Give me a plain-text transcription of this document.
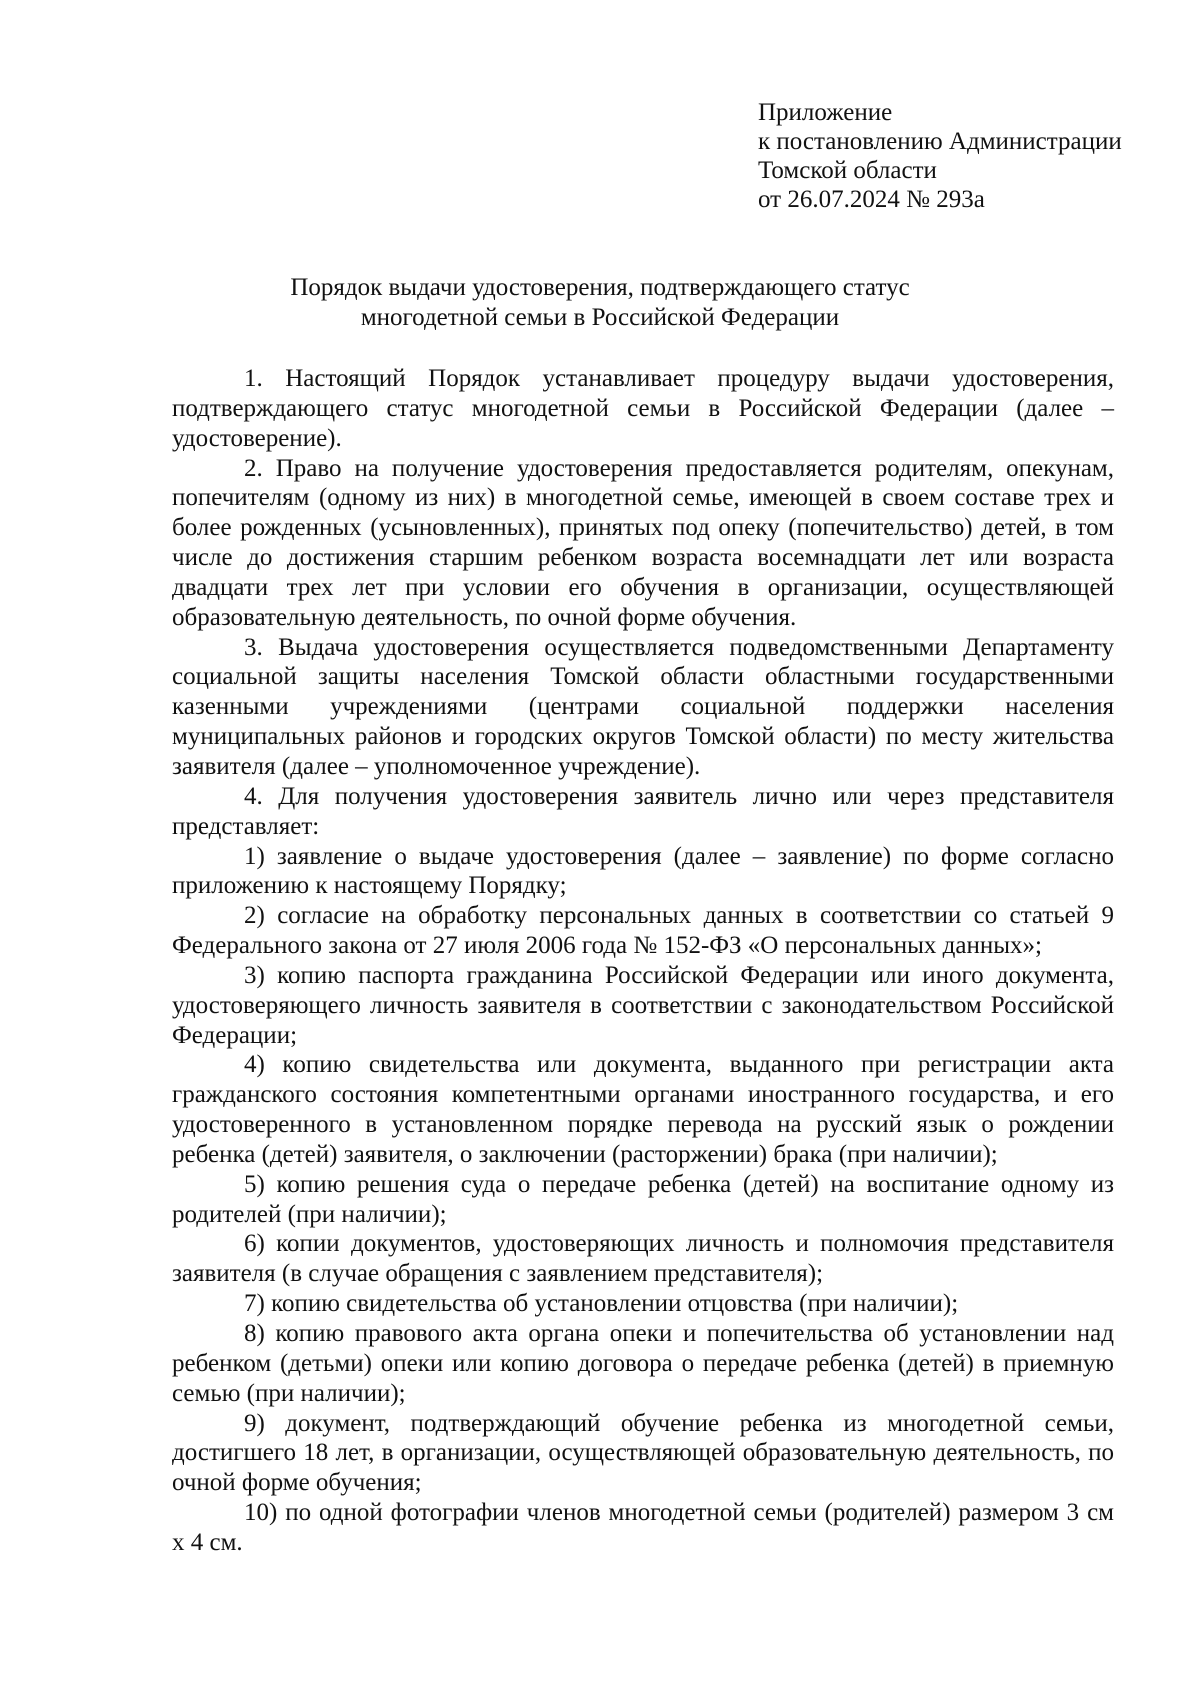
Приложение
к постановлению Администрации
Томской области
от 26.07.2024 № 293а
Порядок выдачи удостоверения, подтверждающего статус
многодетной семьи в Российской Федерации

1. Настоящий Порядок устанавливает процедуру выдачи удостоверения, подтверждающего статус многодетной семьи в Российской Федерации (далее – удостоверение).

2. Право на получение удостоверения предоставляется родителям, опекунам, попечителям (одному из них) в многодетной семье, имеющей в своем составе трех и более рожденных (усыновленных), принятых под опеку (попечительство) детей, в том числе до достижения старшим ребенком возраста восемнадцати лет или возраста двадцати трех лет при условии его обучения в организации, осуществляющей образовательную деятельность, по очной форме обучения.

3. Выдача удостоверения осуществляется подведомственными Департаменту социальной защиты населения Томской области областными государственными казенными учреждениями (центрами социальной поддержки населения муниципальных районов и городских округов Томской области) по месту жительства заявителя (далее – уполномоченное учреждение).

4. Для получения удостоверения заявитель лично или через представителя представляет:

1) заявление о выдаче удостоверения (далее – заявление) по форме согласно приложению к настоящему Порядку;

2) согласие на обработку персональных данных в соответствии со статьей 9 Федерального закона от 27 июля 2006 года № 152-ФЗ «О персональных данных»;

3) копию паспорта гражданина Российской Федерации или иного документа, удостоверяющего личность заявителя в соответствии с законодательством Российской Федерации;

4) копию свидетельства или документа, выданного при регистрации акта гражданского состояния компетентными органами иностранного государства, и его удостоверенного в установленном порядке перевода на русский язык о рождении ребенка (детей) заявителя, о заключении (расторжении) брака (при наличии);

5) копию решения суда о передаче ребенка (детей) на воспитание одному из родителей (при наличии);

6) копии документов, удостоверяющих личность и полномочия представителя заявителя (в случае обращения с заявлением представителя);

7) копию свидетельства об установлении отцовства (при наличии);

8) копию правового акта органа опеки и попечительства об установлении над ребенком (детьми) опеки или копию договора о передаче ребенка (детей) в приемную семью (при наличии);

9) документ, подтверждающий обучение ребенка из многодетной семьи, достигшего 18 лет, в организации, осуществляющей образовательную деятельность, по очной форме обучения;

10) по одной фотографии членов многодетной семьи (родителей) размером 3 см х 4 см.
